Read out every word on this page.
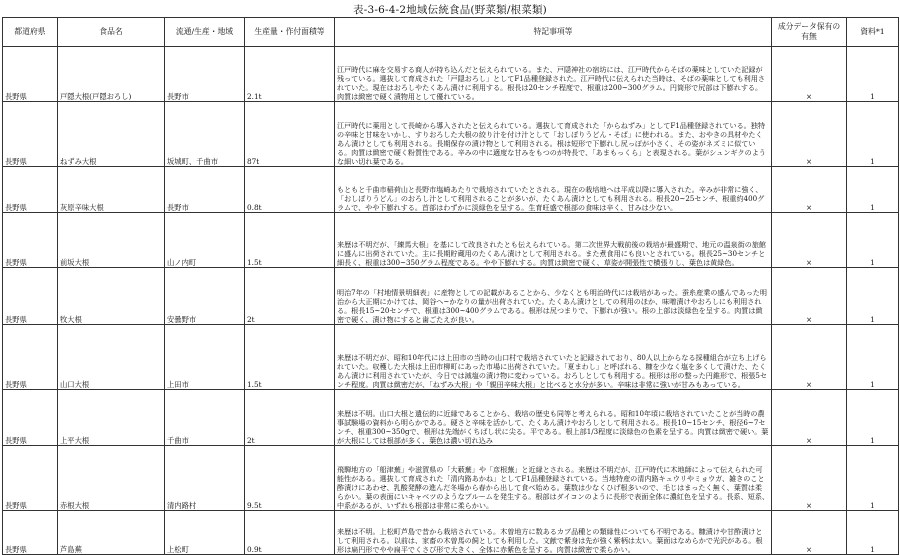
表-3-6-4-2地域伝統食品(野菜類/根菜類)
都道府県	食品名	流通/生産・地域	生産量・作付面積等	特記事項等	成分データ保有の有無	資料*1
長野県	戸隠大根(戸隠おろし)	長野市	2.1t	江戸時代に麻を交易する商人が持ち込んだと伝えられている。また、戸隠神社の宿坊には、江戸時代からそばの薬味としていた記録が残っている。選抜して育成された「戸隠おろし」としてF1品種登録された。江戸時代に伝えられた当時は、そばの薬味としても利用されていた。現在はおろしやたくあん漬けに利用する。根長は20センチ程度で、根重は200~300グラム。円筒形で尻部は下膨れする。肉質は緻密で硬く漬物用として優れている。	×	1
長野県	ねずみ大根	坂城町、千曲市	87t	江戸時代に薬用として長崎から導入されたと伝えられている。選抜して育成された「からねずみ」としてF1品種登録されている。独特の辛味と甘味をいかし、すりおろした大根の絞り汁を付け汁として「おしぼりうどん・そば」に使われる。また、おやきの具材やたくあん漬けとしても利用される。長期保存の漬け物として利用される。根は短形で下膨れし尻っぽが小さく、その姿がネズミに似ている。肉質は緻密で硬く粉質性である。辛みの中に適度な甘みをもつのが特長で、「あまもっくら」と表現される。葉がシュンギクのような細い切れ葉である。	×	1
長野県	灰原辛味大根	長野市	0.8t	もともと千曲市稲荷山と長野市塩崎あたりで栽培されていたとされる。現在の栽培地へは平成以降に導入された。辛みが非常に強く、「おしぼりうどん」のおろし汁として利用されることが多いが、たくあん漬けとしても利用される。根長20~25センチ、根重約400グラムで、やや下膨れする。首部はわずかに淡緑色を呈する。生育旺盛で根部の食味は辛く、甘みは少ない。	×	1
長野県	前坂大根	山ノ内町	1.5t	来歴は不明だが、「練馬大根」を基にして改良されたとも伝えられている。第二次世界大戦前後の栽培が最盛期で、地元の温泉街の旅館に盛んに出荷されていた。主に長期貯蔵用のたくあん漬けとして利用される。また煮食用にも良いとされている。根長25~30センチと細長く、根重は300~350グラム程度である。やや下膨れする。肉質は緻密で硬く、草姿が開張性で横張りし、葉色は黄緑色。	×	1
長野県	牧大根	安曇野市	2t	明治7年の「村地情景明細表」に産物としての記載があることから、少なくとも明治時代には栽培があった。蚕糸産業の盛んであった明治から大正期にかけては、岡谷へ~かなりの量が出荷されていた。たくあん漬けとしての利用のほか、味噌漬けやおろしにも利用される。根長15~20センチで、根重は300~400グラムである。根形は尻つまりで、下膨れが強い。根の上部は淡緑色を呈する。肉質は緻密で硬く、漬け物にすると歯ごたえが良い。	×	1
長野県	山口大根	上田市	1.5t	来歴は不明だが、昭和10年代には上田市の当時の山口村で栽培されていたと記録されており、80人以上からなる採種組合が立ち上げられていた。収穫した大根は上田市柳町にあった市場に出荷されていた。「夏まわし」と呼ばれる、糠を少なく塩を多くして漬けた、たくあん漬けに利用されていたが、今日では減塩の漬け物に変わっている。おろしとしても利用する。根形は形の整った円錐形で、根張5センチ程度。肉質は緻密だが、「ねずみ大根」や「親田辛味大根」と比べると水分が多い。辛味は非常に強いが甘みもあっている。	×	1
長野県	上平大根	千曲市	2t	来歴は不明。山口大根と遺伝的に近縁であることから、栽培の歴史も同等と考えられる。昭和10年頃に栽培されていたことが当時の農事試験場の資料から明らかである。硬さと辛味を活かして、たくあん漬けやおろしとして利用される。根長10~15センチ、根径6~7センチ、根重300~350gで、根形は先端がくちばし状に尖る。平である。根上部1/3程度に淡緑色の色素を呈する。肉質は緻密で硬い。葉が大根にしては根部が多く、葉色は濃い切れ込み	×	1
長野県	赤根大根	清内路村	9.5t	飛騨地方の「船津蕪」や滋賀県の「大薮蕪」や「彦根蕪」と近縁とされる。来歴は不明だが、江戸時代に木地師によって伝えられた可能性がある。選抜して育成された「清内路あかね」としてF1品種登録されている。当地特産の清内路キュウリやミョウガ、雑きのこと酢漬けにあわせ、乳酸発酵の進んだ冬場から春から出して食べ始める。葉数は少なくひげ根多いので、毛じはまったく無く、葉質は柔らかい。葉の表面にいキャベツのようなブルームを発生する。根部はダイコンのように長形で表面全体に濃紅色を呈する。長系、短系、中系があるが、いずれも根部は非常に柔らかい。	×	1
長野県	芦島蕪	上松町	0.9t	来歴は不明。上松町芦島で昔から栽培されている。木曽地方に数あるカブ品種との類縁性についても不明である。糠漬けや甘酢漬けとして利用される。以前は、家畜の木曽馬の飼としても利用した。文献で紫身は先が強く紫柄は太い。葉面はなめらかで光沢がある。根形は扁円形でやや扁平でくさび形で大きく、全体に赤紫色を呈する。肉質は緻密で柔らかい。	×	1
